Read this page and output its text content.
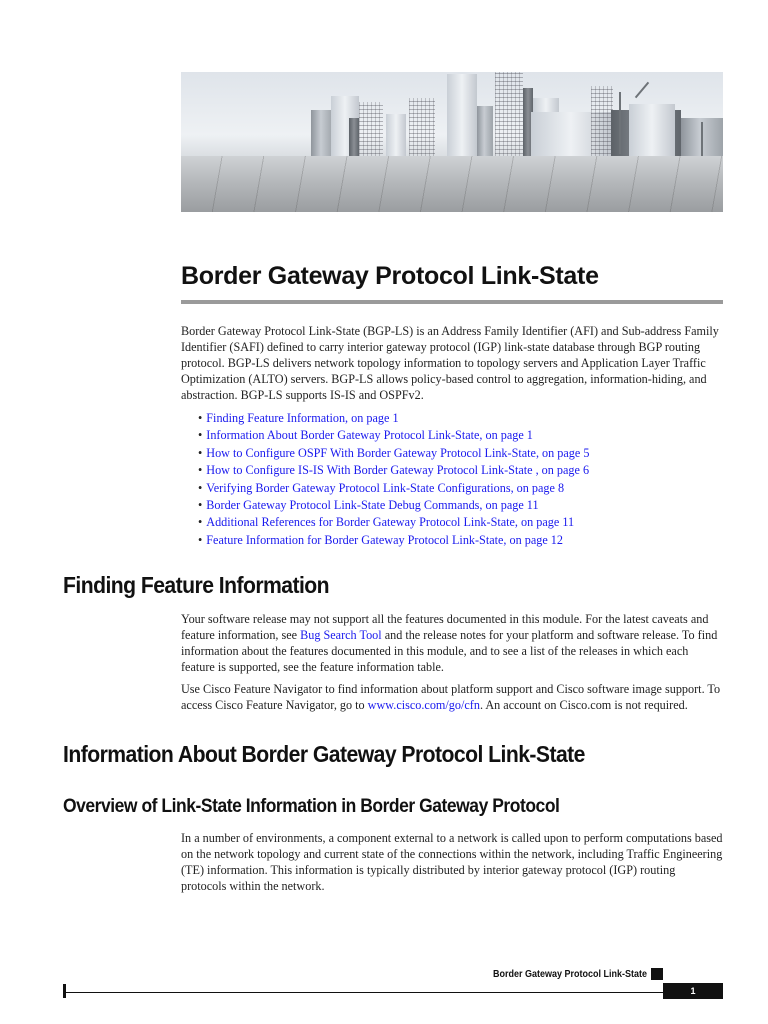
Border Gateway Protocol Link-State

Border Gateway Protocol Link-State (BGP-LS) is an Address Family Identifier (AFI) and Sub-address Family Identifier (SAFI) defined to carry interior gateway protocol (IGP) link-state database through BGP routing protocol. BGP-LS delivers network topology information to topology servers and Application Layer Traffic Optimization (ALTO) servers. BGP-LS allows policy-based control to aggregation, information-hiding, and abstraction. BGP-LS supports IS-IS and OSPFv2.

• Finding Feature Information, on page 1
• Information About Border Gateway Protocol Link-State, on page 1
• How to Configure OSPF With Border Gateway Protocol Link-State, on page 5
• How to Configure IS-IS With Border Gateway Protocol Link-State , on page 6
• Verifying Border Gateway Protocol Link-State Configurations, on page 8
• Border Gateway Protocol Link-State Debug Commands, on page 11
• Additional References for Border Gateway Protocol Link-State, on page 11
• Feature Information for Border Gateway Protocol Link-State, on page 12
Finding Feature Information

Your software release may not support all the features documented in this module. For the latest caveats and feature information, see Bug Search Tool and the release notes for your platform and software release. To find information about the features documented in this module, and to see a list of the releases in which each feature is supported, see the feature information table.

Use Cisco Feature Navigator to find information about platform support and Cisco software image support. To access Cisco Feature Navigator, go to www.cisco.com/go/cfn. An account on Cisco.com is not required.

Information About Border Gateway Protocol Link-State
Overview of Link-State Information in Border Gateway Protocol

In a number of environments, a component external to a network is called upon to perform computations based on the network topology and current state of the connections within the network, including Traffic Engineering (TE) information. This information is typically distributed by interior gateway protocol (IGP) routing protocols within the network.

Border Gateway Protocol Link-State
1
